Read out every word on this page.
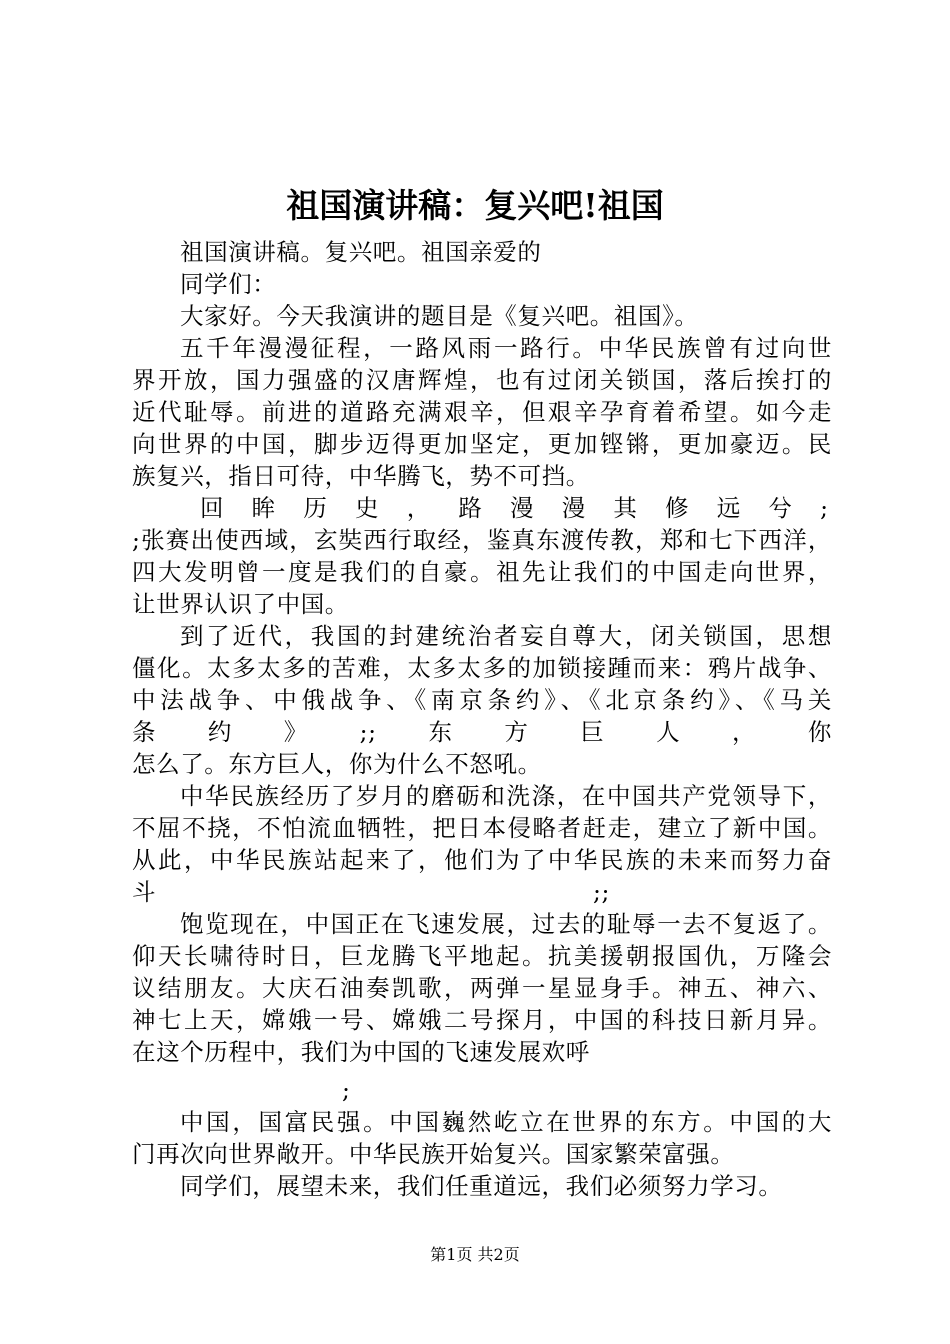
祖国演讲稿：复兴吧!祖国
祖国演讲稿。复兴吧。祖国亲爱的
同学们：
大家好。今天我演讲的题目是《复兴吧。祖国》。
五千年漫漫征程，一路风雨一路行。中华民族曾有过向世
界开放，国力强盛的汉唐辉煌，也有过闭关锁国，落后挨打的
近代耻辱。前进的道路充满艰辛，但艰辛孕育着希望。如今走
向世界的中国，脚步迈得更加坚定，更加铿锵，更加豪迈。民
族复兴，指日可待，中华腾飞，势不可挡。
回眸历史，路漫漫其修远兮;
;张赛出使西域，玄奘西行取经，鉴真东渡传教，郑和七下西洋，
四大发明曾一度是我们的自豪。祖先让我们的中国走向世界，
让世界认识了中国。
到了近代，我国的封建统治者妄自尊大，闭关锁国，思想
僵化。太多太多的苦难，太多太多的加锁接踵而来：鸦片战争、
中法战争、中俄战争、《南京条约》、《北京条约》、《马关
条约》;;东方巨人，你
怎么了。东方巨人，你为什么不怒吼。
中华民族经历了岁月的磨砺和洗涤，在中国共产党领导下，
不屈不挠，不怕流血牺牲，把日本侵略者赶走，建立了新中国。
从此，中华民族站起来了，他们为了中华民族的未来而努力奋
斗;;
饱览现在，中国正在飞速发展，过去的耻辱一去不复返了。
仰天长啸待时日，巨龙腾飞平地起。抗美援朝报国仇，万隆会
议结朋友。大庆石油奏凯歌，两弹一星显身手。神五、神六、
神七上天，嫦娥一号、嫦娥二号探月，中国的科技日新月异。
在这个历程中，我们为中国的飞速发展欢呼
;
中国，国富民强。中国巍然屹立在世界的东方。中国的大
门再次向世界敞开。中华民族开始复兴。国家繁荣富强。
同学们，展望未来，我们任重道远，我们必须努力学习。
第1页 共2页
